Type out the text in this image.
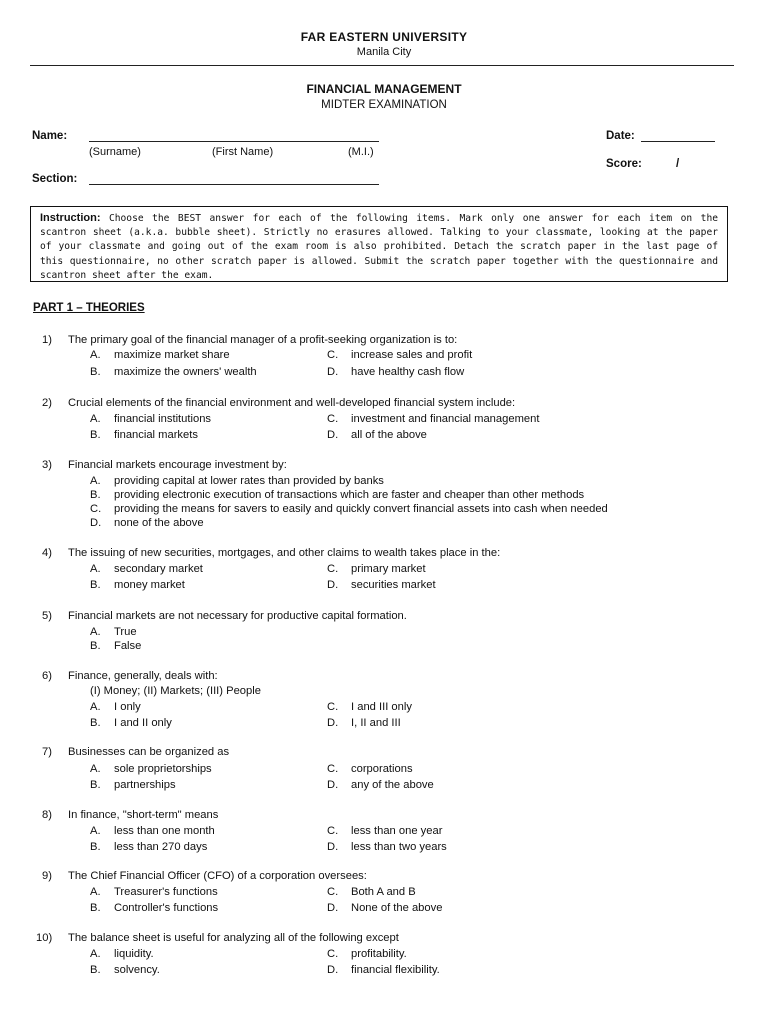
FAR EASTERN UNIVERSITY
Manila City
FINANCIAL MANAGEMENT
MIDTER EXAMINATION
Name:
(Surname)	(First Name)	(M.I.)
Section:
Date:
Score:	/
Instruction: Choose the BEST answer for each of the following items. Mark only one answer for each item on the scantron sheet (a.k.a. bubble sheet). Strictly no erasures allowed. Talking to your classmate, looking at the paper of your classmate and going out of the exam room is also prohibited. Detach the scratch paper in the last page of this questionnaire, no other scratch paper is allowed. Submit the scratch paper together with the questionnaire and scantron sheet after the exam.
PART 1 – THEORIES
1) The primary goal of the financial manager of a profit-seeking organization is to:
A. maximize market share	C. increase sales and profit
B. maximize the owners' wealth	D. have healthy cash flow
2) Crucial elements of the financial environment and well-developed financial system include:
A. financial institutions	C. investment and financial management
B. financial markets	D. all of the above
3) Financial markets encourage investment by:
A. providing capital at lower rates than provided by banks
B. providing electronic execution of transactions which are faster and cheaper than other methods
C. providing the means for savers to easily and quickly convert financial assets into cash when needed
D. none of the above
4) The issuing of new securities, mortgages, and other claims to wealth takes place in the:
A. secondary market	C. primary market
B. money market	D. securities market
5) Financial markets are not necessary for productive capital formation.
A. True
B. False
6) Finance, generally, deals with:
(I) Money; (II) Markets; (III) People
A. I only	C. I and III only
B. I and II only	D. I, II and III
7) Businesses can be organized as
A. sole proprietorships	C. corporations
B. partnerships	D. any of the above
8) In finance, "short-term" means
A. less than one month	C. less than one year
B. less than 270 days	D. less than two years
9) The Chief Financial Officer (CFO) of a corporation oversees:
A. Treasurer's functions	C. Both A and B
B. Controller's functions	D. None of the above
10) The balance sheet is useful for analyzing all of the following except
A. liquidity.	C. profitability.
B. solvency.	D. financial flexibility.
